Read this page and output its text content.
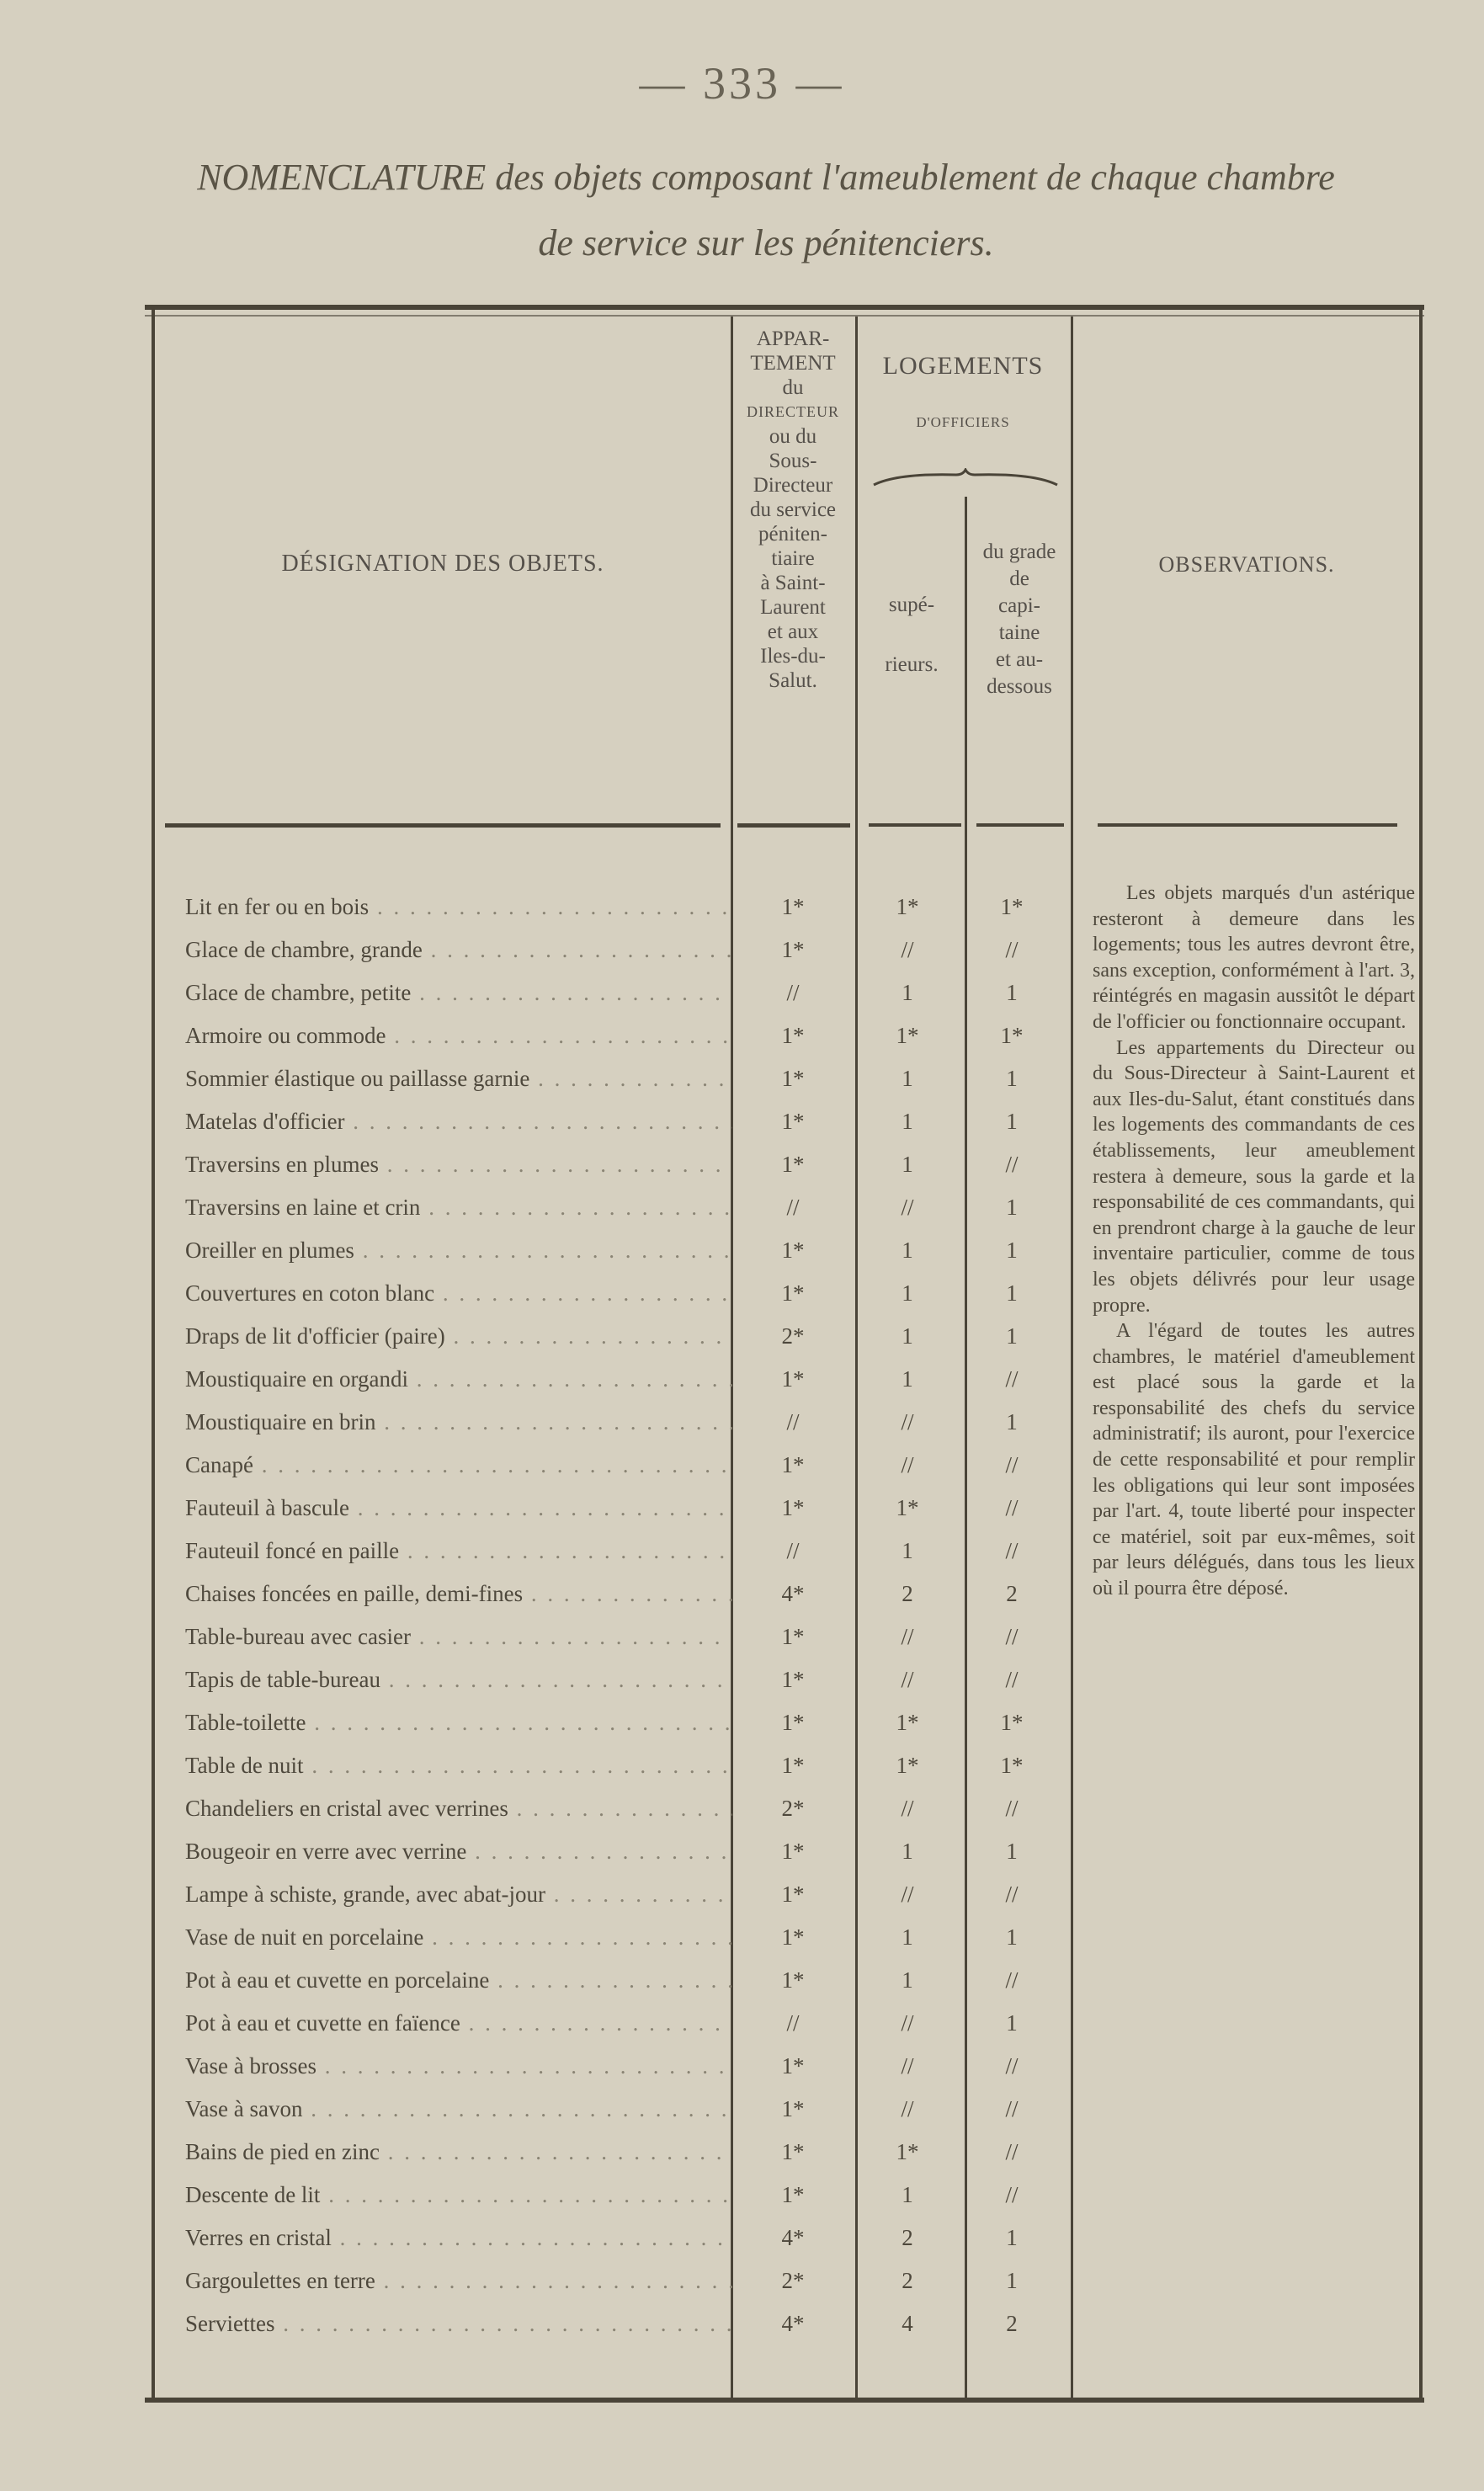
— 333 —
NOMENCLATURE des objets composant l'ameublement de chaque chambre
de service sur les pénitenciers.
DÉSIGNATION DES OBJETS.
APPAR-
TEMENT
du
DIRECTEUR
ou du
Sous-
Directeur
du service
péniten-
tiaire
à Saint-
Laurent
et aux
Iles-du-
Salut.
LOGEMENTS
D'OFFICIERS
supé-
rieurs.
du grade
de
capi-
taine
et au-
dessous
OBSERVATIONS.
Lit en fer ou en bois . . .	1*	1*	1*
Glace de chambre, grande . . .	1*	//	//
Glace de chambre, petite . . .	//	1	1
Armoire ou commode . . .	1*	1*	1*
Sommier élastique ou paillasse garnie . . .	1*	1	1
Matelas d'officier . . .	1*	1	1
Traversins en plumes . . .	1*	1	//
Traversins en laine et crin . . .	//	//	1
Oreiller en plumes . . .	1*	1	1
Couvertures en coton blanc . . .	1*	1	1
Draps de lit d'officier (paire) . . .	2*	1	1
Moustiquaire en organdi . . .	1*	1	//
Moustiquaire en brin . . .	//	//	1
Canapé . . .	1*	//	//
Fauteuil à bascule . . .	1*	1*	//
Fauteuil foncé en paille . . .	//	1	//
Chaises foncées en paille, demi-fines . . .	4*	2	2
Table-bureau avec casier . . .	1*	//	//
Tapis de table-bureau . . .	1*	//	//
Table-toilette . . .	1*	1*	1*
Table de nuit . . .	1*	1*	1*
Chandeliers en cristal avec verrines . . .	2*	//	//
Bougeoir en verre avec verrine . . .	1*	1	1
Lampe à schiste, grande, avec abat-jour . . .	1*	//	//
Vase de nuit en porcelaine . . .	1*	1	1
Pot à eau et cuvette en porcelaine . . .	1*	1	//
Pot à eau et cuvette en faïence . . .	//	//	1
Vase à brosses . . .	1*	//	//
Vase à savon . . .	1*	//	//
Bains de pied en zinc . . .	1*	1*	//
Descente de lit . . .	1*	1	//
Verres en cristal . . .	4*	2	1
Gargoulettes en terre . . .	2*	2	1
Serviettes . . .	4*	4	2

Les objets marqués d'un astérique resteront à demeure dans les logements; tous les autres devront être, sans exception, conformément à l'art. 3, réintégrés en magasin aussitôt le départ de l'officier ou fonctionnaire occupant.

Les appartements du Directeur ou du Sous-Directeur à Saint-Laurent et aux Iles-du-Salut, étant constitués dans les logements des commandants de ces établissements, leur ameublement restera à demeure, sous la garde et la responsabilité de ces commandants, qui en prendront charge à la gauche de leur inventaire particulier, comme de tous les objets délivrés pour leur usage propre.

A l'égard de toutes les autres chambres, le matériel d'ameublement est placé sous la garde et la responsabilité des chefs du service administratif; ils auront, pour l'exercice de cette responsabilité et pour remplir les obligations qui leur sont imposées par l'art. 4, toute liberté pour inspecter ce matériel, soit par eux-mêmes, soit par leurs délégués, dans tous les lieux où il pourra être déposé.
